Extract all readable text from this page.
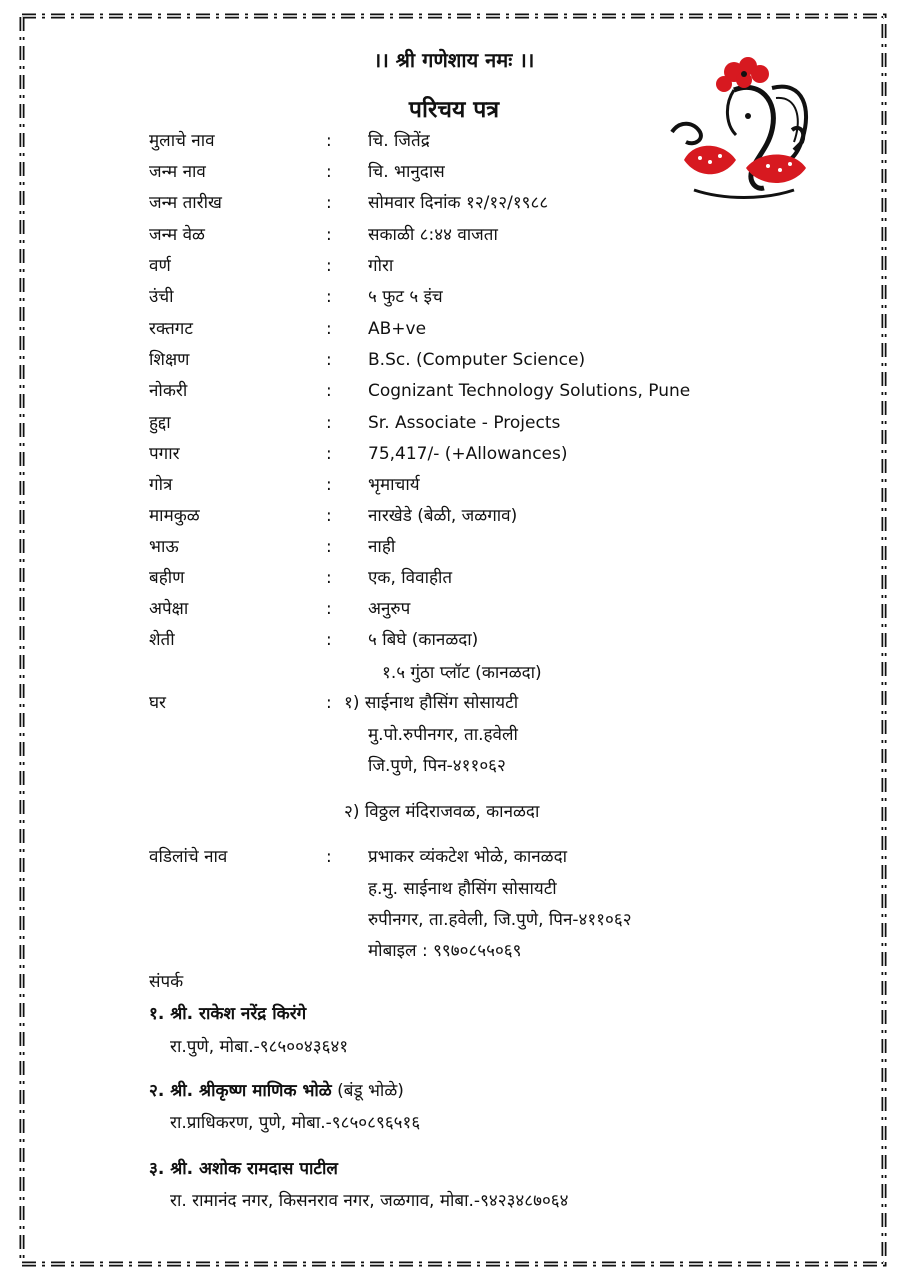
।। श्री गणेशाय नमः ।।
परिचय पत्र
मुलाचे नाव	: चि. जितेंद्र
जन्म नाव	: चि. भानुदास
जन्म तारीख	: सोमवार दिनांक १२/१२/१९८८
जन्म वेळ	: सकाळी ८:४४ वाजता
वर्ण	: गोरा
उंची	: ५ फुट ५ इंच
रक्तगट	: AB+ve
शिक्षण	: B.Sc. (Computer Science)
नोकरी	: Cognizant Technology Solutions, Pune
हुद्दा	: Sr. Associate - Projects
पगार	: 75,417/- (+Allowances)
गोत्र	: भृमाचार्य
मामकुळ	: नारखेडे (बेळी, जळगाव)
भाऊ	: नाही
बहीण	: एक, विवाहीत
अपेक्षा	: अनुरुप
शेती	: ५ बिघे (कानळदा)
१.५ गुंठा प्लॉट (कानळदा)
घर	: १) साईनाथ हौसिंग सोसायटी
मु.पो.रुपीनगर, ता.हवेली
जि.पुणे, पिन-४११०६२
२) विठ्ठल मंदिराजवळ, कानळदा
वडिलांचे नाव	: प्रभाकर व्यंकटेश भोळे, कानळदा
ह.मु. साईनाथ हौसिंग सोसायटी
रुपीनगर, ता.हवेली, जि.पुणे, पिन-४११०६२
मोबाइल : ९९७०८५५०६९
संपर्क
१. श्री. राकेश नरेंद्र किरंगे
रा.पुणे, मोबा.-९८५००४३६४१
२. श्री. श्रीकृष्ण माणिक भोळे (बंडू भोळे)
रा.प्राधिकरण, पुणे, मोबा.-९८५०८९६५१६
३. श्री. अशोक रामदास पाटील
रा. रामानंद नगर, किसनराव नगर, जळगाव, मोबा.-९४२३४८७०६४
